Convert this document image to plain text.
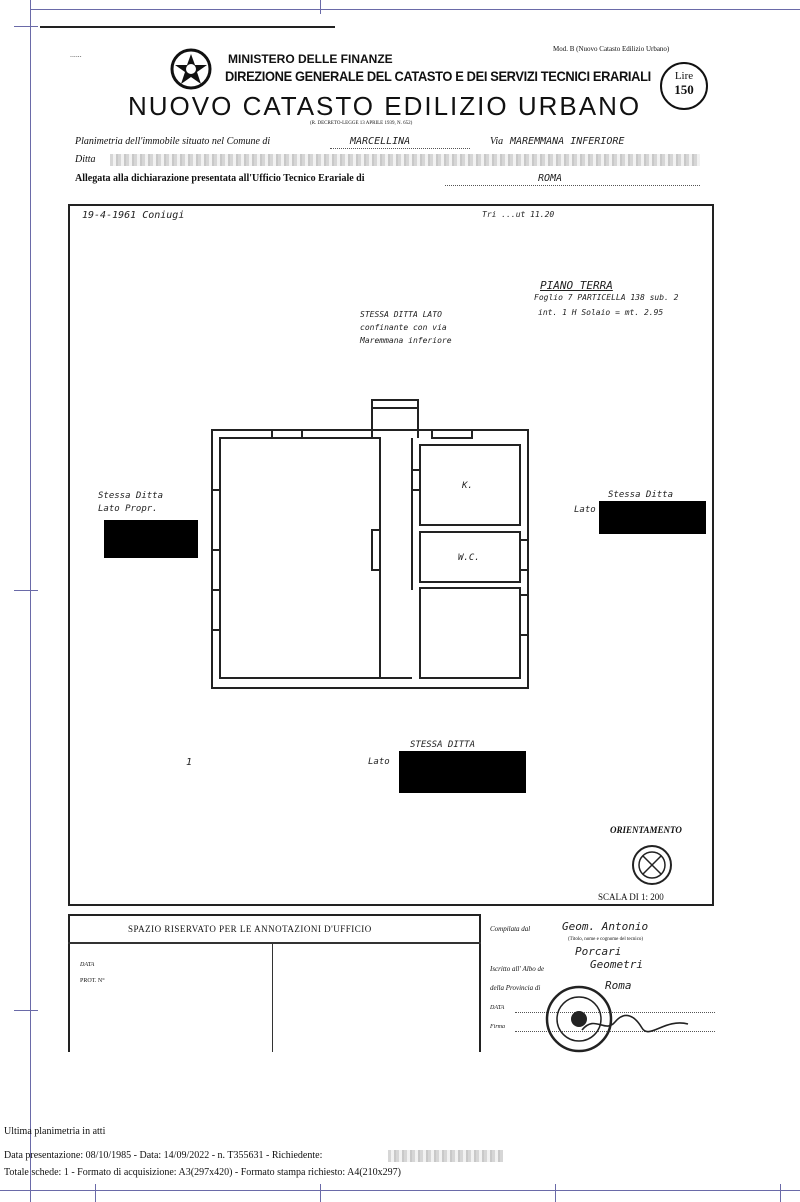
......	MINISTERO DELLE FINANZE
DIREZIONE GENERALE DEL CATASTO E DEI SERVIZI TECNICI ERARIALI
Mod. B (Nuovo Catasto Edilizio Urbano)
Lire
150
NUOVO CATASTO EDILIZIO URBANO
(R. DECRETO-LEGGE 13 APRILE 1939, N. 652)
Planimetria dell'immobile situato nel Comune di	MARCELLINA	Via MAREMMANA INFERIORE
Ditta
Allegata alla dichiarazione presentata all'Ufficio Tecnico Erariale di	ROMA
19-4-1961 Coniugi	Tri ...ut 11.20
PIANO TERRA
Foglio 7 PARTICELLA 138 sub. 2
int. 1 H Solaio = mt. 2.95
STESSA DITTA LATO
confinante con via
Maremmana inferiore
Stessa Ditta
Lato Propr.
Stessa Ditta
Lato
STESSA DITTA
Lato
1
K.
W.C.
ORIENTAMENTO
SCALA DI 1: 200
SPAZIO RISERVATO PER LE ANNOTAZIONI D'UFFICIO
DATA
PROT. N°
Compilata dal	Geom. Antonio
(Titolo, nome e cognome del tecnico)
Porcari
Iscritto all' Albo de	Geometri
della Provincia di	Roma
DATA
Firma
Ultima planimetria in atti
Data presentazione: 08/10/1985 - Data: 14/09/2022 - n. T355631 - Richiedente:
Totale schede: 1 - Formato di acquisizione: A3(297x420) - Formato stampa richiesto: A4(210x297)
